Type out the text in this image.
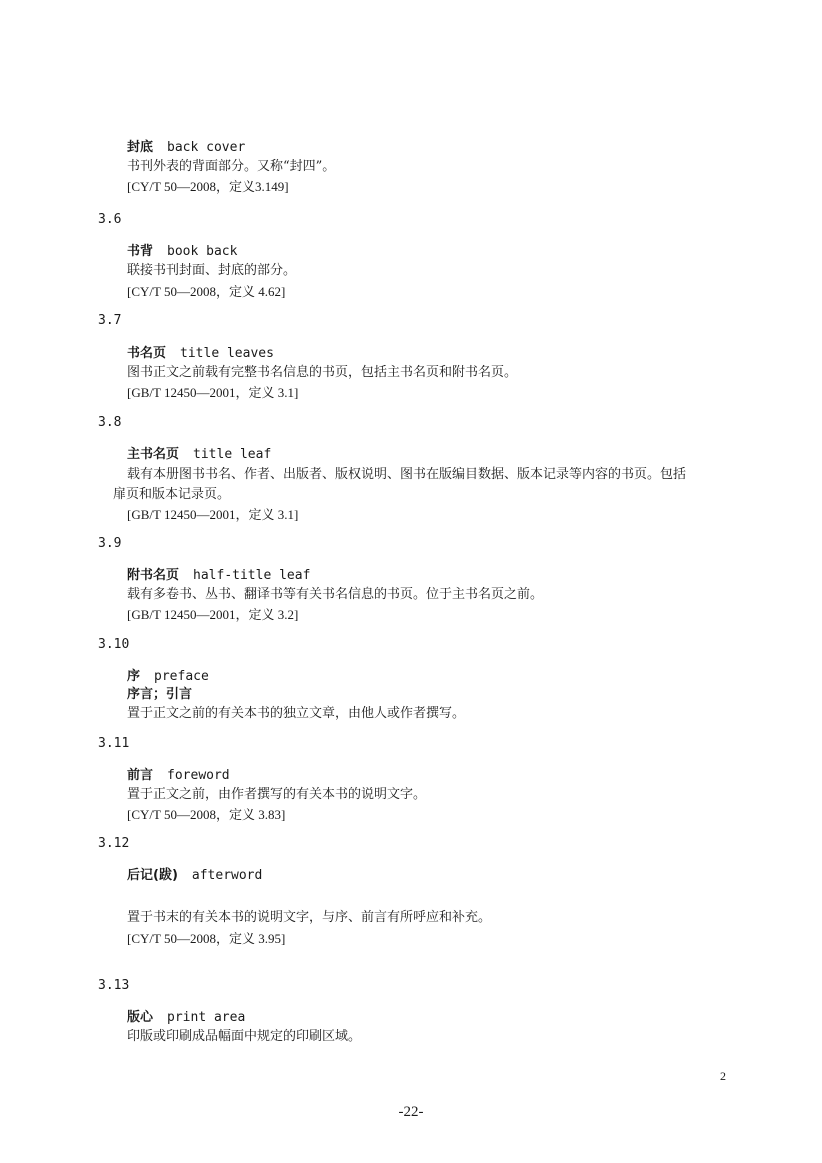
封底 back cover
书刊外表的背面部分。又称“封四”。
[CY/T 50—2008，定义3.149]
3.6
书背 book back
联接书刊封面、封底的部分。
[CY/T 50—2008，定义 4.62]
3.7
书名页 title leaves
图书正文之前载有完整书名信息的书页，包括主书名页和附书名页。
[GB/T 12450—2001，定义 3.1]
3.8
主书名页 title leaf
载有本册图书书名、作者、出版者、版权说明、图书在版编目数据、版本记录等内容的书页。包括
扉页和版本记录页。
[GB/T 12450—2001，定义 3.1]
3.9
附书名页 half-title leaf
载有多卷书、丛书、翻译书等有关书名信息的书页。位于主书名页之前。
[GB/T 12450—2001，定义 3.2]
3.10
序 preface
序言；引言
置于正文之前的有关本书的独立文章，由他人或作者撰写。
3.11
前言 foreword
置于正文之前，由作者撰写的有关本书的说明文字。
[CY/T 50—2008，定义 3.83]
3.12
后记(跋) afterword
置于书末的有关本书的说明文字，与序、前言有所呼应和补充。
[CY/T 50—2008，定义 3.95]
3.13
版心 print area
印版或印刷成品幅面中规定的印刷区域。
2
-22-
